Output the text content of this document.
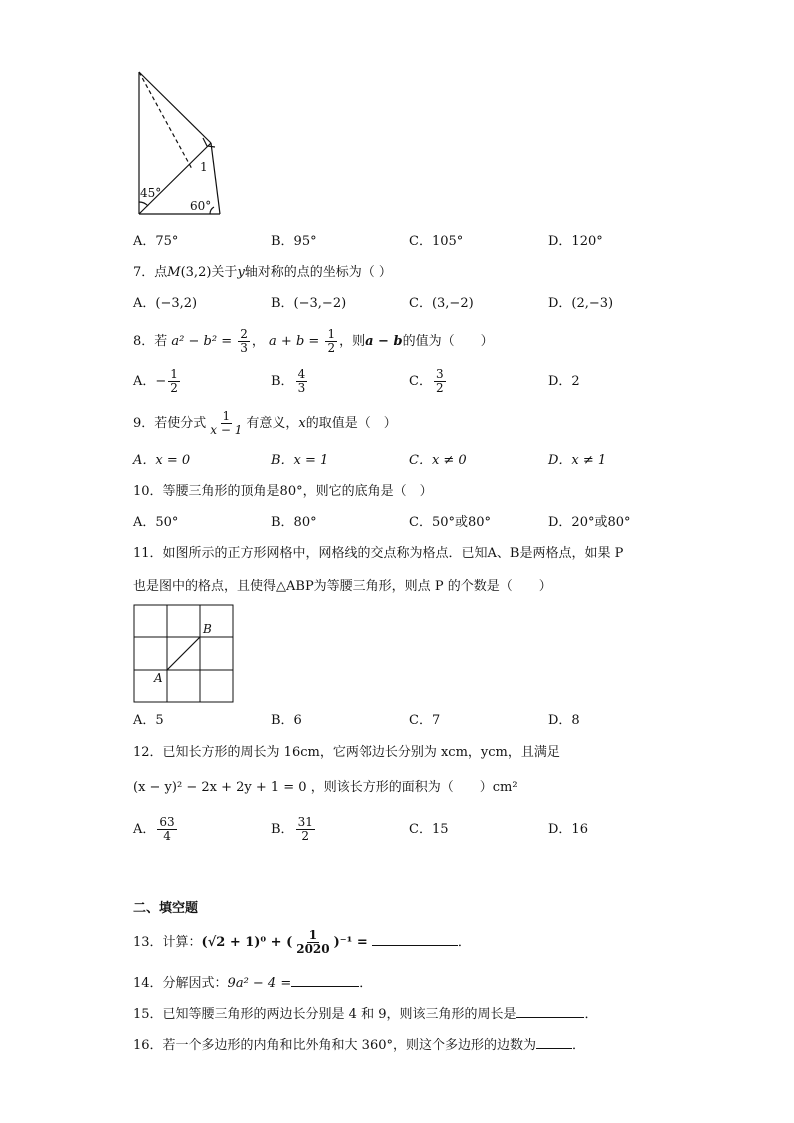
45°
60°
1
A．75°	B．95°	C．105°	D．120°
7．点M(3,2)关于y轴对称的点的坐标为（ ）
A．(−3,2)	B．(−3,−2)	C．(3,−2)	D．(2,−3)
8．若 $a^2 - b^2 = \frac{2}{3}$ ， $a + b = \frac{1}{2}$ ，则a − b的值为（　　）
A．− $\frac{1}{2}$	B． $\frac{4}{3}$	C． $\frac{3}{2}$	D．2
9．若使分式 $\frac{1}{x - 1}$ 有意义，x的取值是（　）
A．x = 0	B．x = 1	C．x ≠ 0	D．x ≠ 1
10．等腰三角形的顶角是80°，则它的底角是（　）
A．50°	B．80°	C．50°或80°	D．20°或80°
11．如图所示的正方形网格中，网格线的交点称为格点．已知A、B是两格点，如果 P
也是图中的格点，且使得△ABP为等腰三角形，则点 P 的个数是（　　）
B
A
A．5	B．6	C．7	D．8
12．已知长方形的周长为 16cm，它两邻边长分别为 xcm，ycm，且满足
(x − y)² − 2x + 2y + 1 = 0 ，则该长方形的面积为（　　）cm²
A． $\frac{63}{4}$	B． $\frac{31}{2}$	C．15	D．16
二、填空题
13．计算：(√2 + 1)⁰ + ( $\frac{1}{2020} )^{-1}$ =	．
14．分解因式：9a² − 4 =	．
15．已知等腰三角形的两边长分别是 4 和 9，则该三角形的周长是	．
16．若一个多边形的内角和比外角和大 360°，则这个多边形的边数为	．
